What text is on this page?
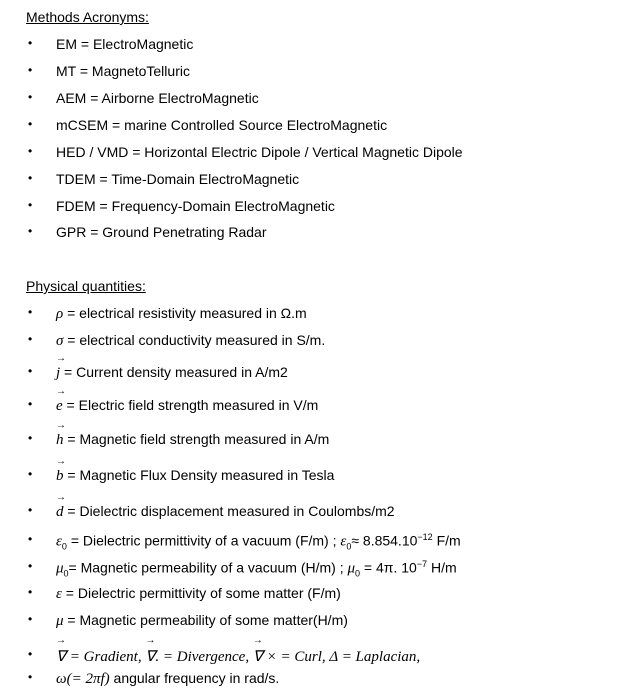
Methods Acronyms:
• EM = ElectroMagnetic
• MT = MagnetoTelluric
• AEM = Airborne ElectroMagnetic
• mCSEM = marine Controlled Source ElectroMagnetic
• HED / VMD = Horizontal Electric Dipole / Vertical Magnetic Dipole
• TDEM = Time-Domain ElectroMagnetic
• FDEM = Frequency-Domain ElectroMagnetic
• GPR = Ground Penetrating Radar
Physical quantities:
• ρ = electrical resistivity measured in Ω.m
• σ = electrical conductivity measured in S/m.
• → j = Current density measured in A/m2
• → e = Electric field strength measured in V/m
• → h = Magnetic field strength measured in A/m
• → b = Magnetic Flux Density measured in Tesla
• → d = Dielectric displacement measured in Coulombs/m2
• $\varepsilon_0$ = Dielectric permittivity of a vacuum (F/m) ; $\varepsilon_0\approx 8.854.10^{-12}$ F/m
• $\mu_0=$ Magnetic permeability of a vacuum (H/m) ; $\mu_0 = 4\pi$. $10^{-7}$ H/m
• ε = Dielectric permittivity of some matter (F/m)
• μ = Magnetic permeability of some matter(H/m)
• → ∇ = Gradient, → ∇. = Divergence, → ∇ × = Curl, Δ = Laplacian,
• ω(= 2πf) angular frequency in rad/s.
